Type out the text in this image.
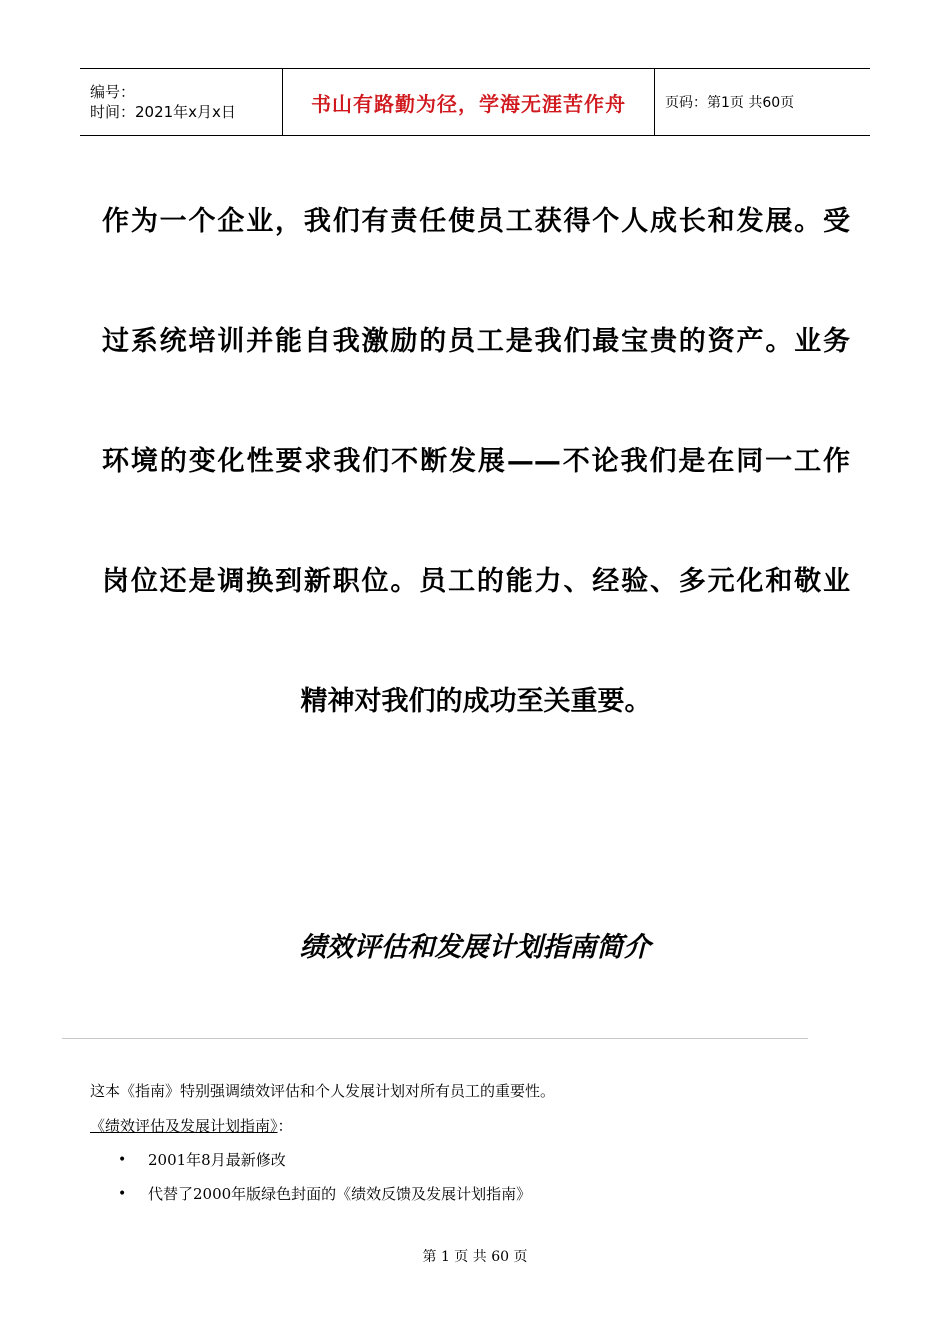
编号：
时间：2021年x月x日	书山有路勤为径，学海无涯苦作舟	页码：第1页 共60页
作为一个企业，我们有责任使员工获得个人成长和发展。受
过系统培训并能自我激励的员工是我们最宝贵的资产。业务
环境的变化性要求我们不断发展——不论我们是在同一工作
岗位还是调换到新职位。员工的能力、经验、多元化和敬业
精神对我们的成功至关重要。
绩效评估和发展计划指南简介
这本《指南》特别强调绩效评估和个人发展计划对所有员工的重要性。
《绩效评估及发展计划指南》：
•	2001年8月最新修改
•	代替了2000年版绿色封面的《绩效反馈及发展计划指南》
第 1 页 共 60 页
